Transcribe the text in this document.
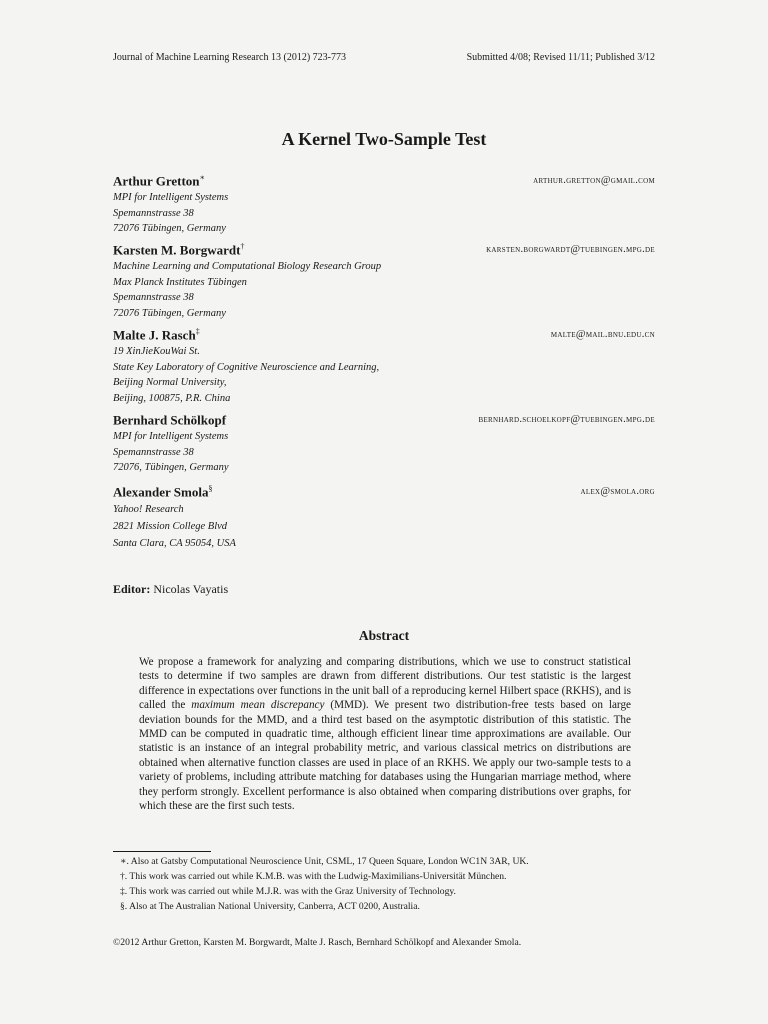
Journal of Machine Learning Research 13 (2012) 723-773	Submitted 4/08; Revised 11/11; Published 3/12
A Kernel Two-Sample Test
Arthur Gretton∗	arthur.gretton@gmail.com
MPI for Intelligent Systems
Spemannstrasse 38
72076 Tübingen, Germany
Karsten M. Borgwardt†	karsten.borgwardt@tuebingen.mpg.de
Machine Learning and Computational Biology Research Group
Max Planck Institutes Tübingen
Spemannstrasse 38
72076 Tübingen, Germany
Malte J. Rasch‡	malte@mail.bnu.edu.cn
19 XinJieKouWai St.
State Key Laboratory of Cognitive Neuroscience and Learning,
Beijing Normal University,
Beijing, 100875, P.R. China
Bernhard Schölkopf	bernhard.schoelkopf@tuebingen.mpg.de
MPI for Intelligent Systems
Spemannstrasse 38
72076, Tübingen, Germany
Alexander Smola§	alex@smola.org
Yahoo! Research
2821 Mission College Blvd
Santa Clara, CA 95054, USA
Editor: Nicolas Vayatis
Abstract
We propose a framework for analyzing and comparing distributions, which we use to construct statistical tests to determine if two samples are drawn from different distributions. Our test statistic is the largest difference in expectations over functions in the unit ball of a reproducing kernel Hilbert space (RKHS), and is called the maximum mean discrepancy (MMD). We present two distribution-free tests based on large deviation bounds for the MMD, and a third test based on the asymptotic distribution of this statistic. The MMD can be computed in quadratic time, although efficient linear time approximations are available. Our statistic is an instance of an integral probability metric, and various classical metrics on distributions are obtained when alternative function classes are used in place of an RKHS. We apply our two-sample tests to a variety of problems, including attribute matching for databases using the Hungarian marriage method, where they perform strongly. Excellent performance is also obtained when comparing distributions over graphs, for which these are the first such tests.
∗. Also at Gatsby Computational Neuroscience Unit, CSML, 17 Queen Square, London WC1N 3AR, UK.
†. This work was carried out while K.M.B. was with the Ludwig-Maximilians-Universität München.
‡. This work was carried out while M.J.R. was with the Graz University of Technology.
§. Also at The Australian National University, Canberra, ACT 0200, Australia.
©2012 Arthur Gretton, Karsten M. Borgwardt, Malte J. Rasch, Bernhard Schölkopf and Alexander Smola.
